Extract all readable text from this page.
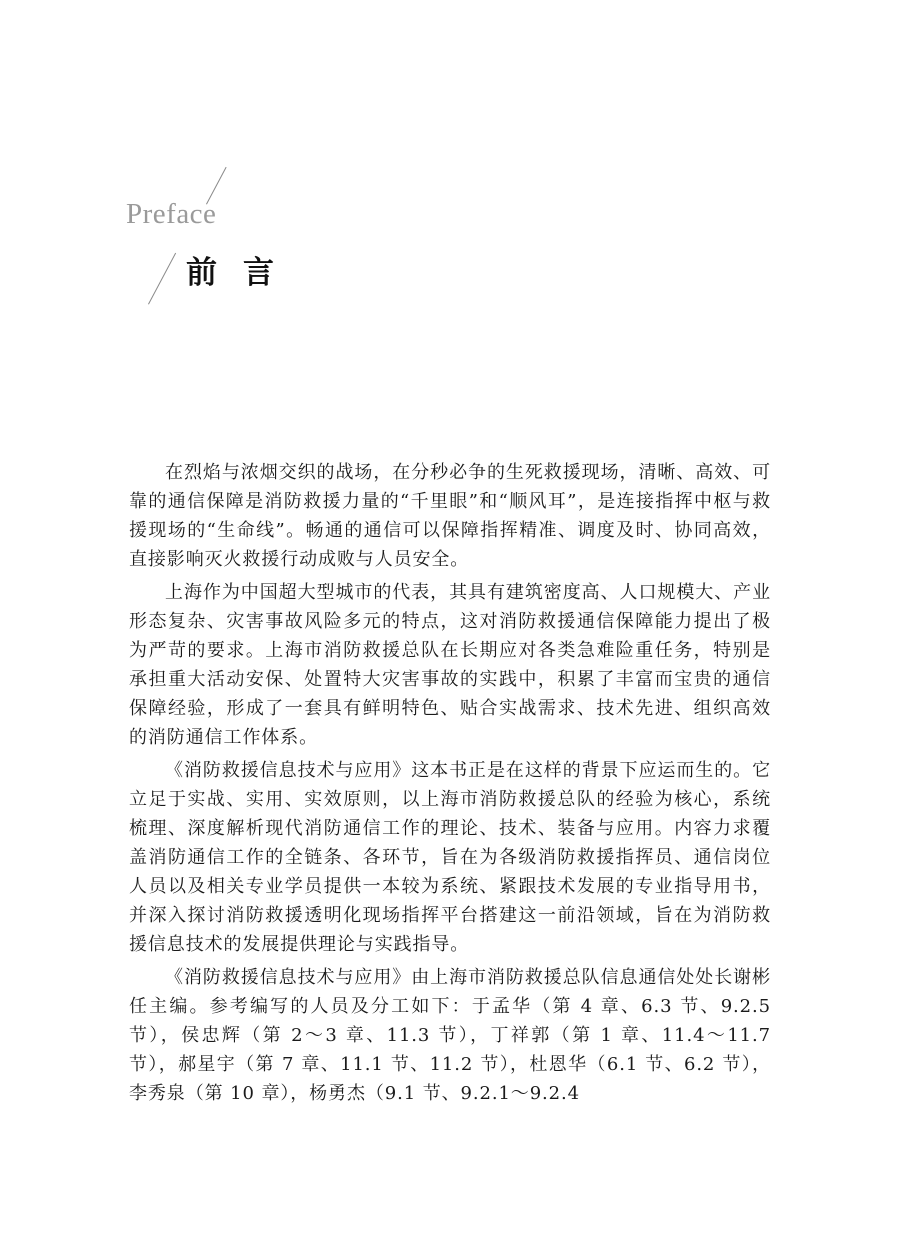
Preface
前言

在烈焰与浓烟交织的战场，在分秒必争的生死救援现场，清晰、高效、可靠的通信保障是消防救援力量的“千里眼”和“顺风耳”，是连接指挥中枢与救援现场的“生命线”。畅通的通信可以保障指挥精准、调度及时、协同高效，直接影响灭火救援行动成败与人员安全。

上海作为中国超大型城市的代表，其具有建筑密度高、人口规模大、产业形态复杂、灾害事故风险多元的特点，这对消防救援通信保障能力提出了极为严苛的要求。上海市消防救援总队在长期应对各类急难险重任务，特别是承担重大活动安保、处置特大灾害事故的实践中，积累了丰富而宝贵的通信保障经验，形成了一套具有鲜明特色、贴合实战需求、技术先进、组织高效的消防通信工作体系。

《消防救援信息技术与应用》这本书正是在这样的背景下应运而生的。它立足于实战、实用、实效原则，以上海市消防救援总队的经验为核心，系统梳理、深度解析现代消防通信工作的理论、技术、装备与应用。内容力求覆盖消防通信工作的全链条、各环节，旨在为各级消防救援指挥员、通信岗位人员以及相关专业学员提供一本较为系统、紧跟技术发展的专业指导用书，并深入探讨消防救援透明化现场指挥平台搭建这一前沿领域，旨在为消防救援信息技术的发展提供理论与实践指导。

《消防救援信息技术与应用》由上海市消防救援总队信息通信处处长谢彬任主编。参考编写的人员及分工如下：于孟华（第 4 章、6.3 节、9.2.5 节），侯忠辉（第 2～3 章、11.3 节），丁祥郭（第 1 章、11.4～11.7 节），郝星宇（第 7 章、11.1 节、11.2 节），杜恩华（6.1 节、6.2 节），李秀泉（第 10 章），杨勇杰（9.1 节、9.2.1～9.2.4
